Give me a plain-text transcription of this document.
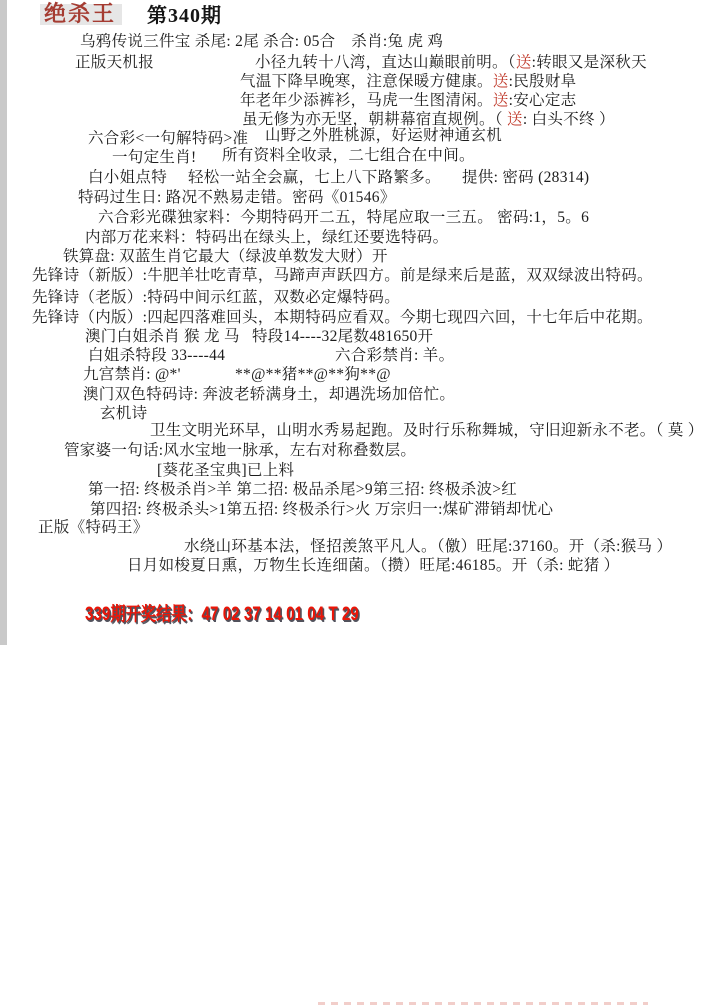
绝杀王	第340期
乌鸦传说三件宝 杀尾: 2尾 杀合: 05合　杀肖:兔 虎 鸡
正版天机报	小径九转十八湾，直达山巅眼前明。（送:转眼又是深秋天
气温下降早晚寒，注意保暖方健康。送:民殷财阜
年老年少添裤衫，马虎一生图清闲。送:安心定志
虽无修为亦无坚，朝耕幕宿直规例。（ 送: 白头不终 ）
六合彩<一句解特码>准 山野之外胜桃源，好运财神通玄机
一句定生肖! 所有资料全收录，二七组合在中间。
白小姐点特 轻松一站全会赢，七上八下路繁多。 提供: 密码 (28314)
特码过生日: 路况不熟易走错。密码《01546》
六合彩光碟独家料：今期特码开二五，特尾应取一三五。 密码:1，5。6
内部万花来料：特码出在绿头上，绿红还要选特码。
铁算盘: 双蓝生肖它最大（绿波单数发大财）开
先锋诗（新版）:牛肥羊壮吃青草，马蹄声声跃四方。前是绿来后是蓝，双双绿波出特码。
先锋诗（老版）:特码中间示红蓝，双数必定爆特码。
先锋诗（内版）:四起四落难回头，本期特码应看双。今期七现四六回，十七年后中花期。
澳门白姐杀肖 猴 龙 马 特段14----32尾数481650开
白姐杀特段 33----44	六合彩禁肖: 羊。
九宫禁肖: @*'	**@**猪**@**狗**@
澳门双色特码诗: 奔波老轿满身土，却遇洗场加倍忙。
玄机诗
卫生文明光环早，山明水秀易起跑。及时行乐称舞城，守旧迎新永不老。（ 莫 ）
管家婆一句话:风水宝地一脉承，左右对称叠数层。
[葵花圣宝典]已上料
第一招: 终极杀肖>羊 第二招: 极品杀尾>9第三招: 终极杀波>红
第四招: 终极杀头>1第五招: 终极杀行>火 万宗归一:煤矿滞销却忧心
正版《特码王》
水绕山环基本法，怪招羡煞平凡人。（儌）旺尾:37160。开（杀:猴马 ）
日月如梭夏日熏，万物生长连细菌。（攒）旺尾:46185。开（杀: 蛇猪 ）
339期开奖结果：47 02 37 14 01 04 T 29
